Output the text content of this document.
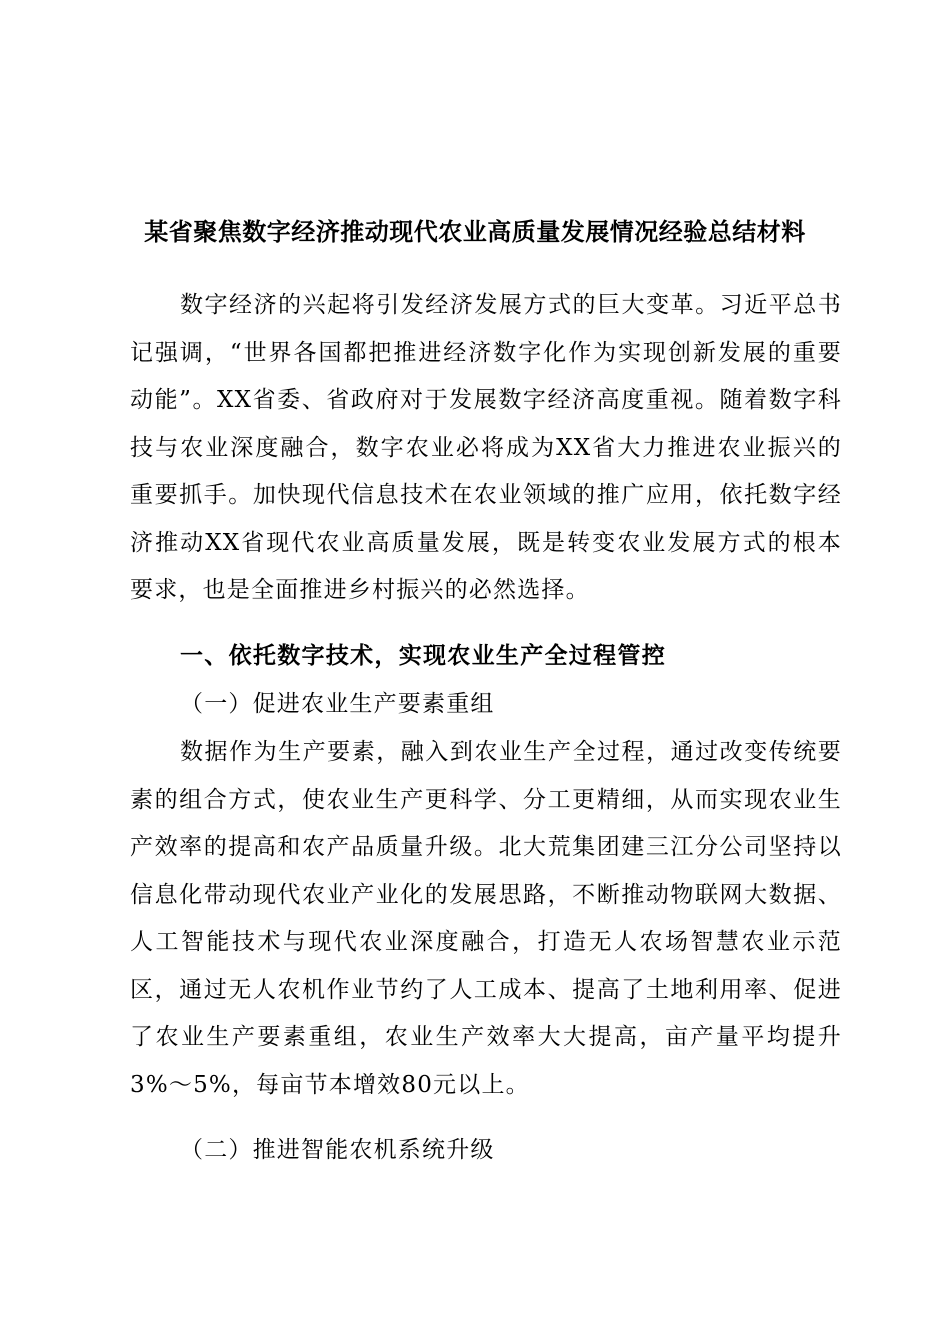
某省聚焦数字经济推动现代农业高质量发展情况经验总结材料

数字经济的兴起将引发经济发展方式的巨大变革。习近平总书记强调，“世界各国都把推进经济数字化作为实现创新发展的重要动能”。XX省委、省政府对于发展数字经济高度重视。随着数字科技与农业深度融合，数字农业必将成为XX省大力推进农业振兴的重要抓手。加快现代信息技术在农业领域的推广应用，依托数字经济推动XX省现代农业高质量发展，既是转变农业发展方式的根本要求，也是全面推进乡村振兴的必然选择。

一、依托数字技术，实现农业生产全过程管控
（一）促进农业生产要素重组

数据作为生产要素，融入到农业生产全过程，通过改变传统要素的组合方式，使农业生产更科学、分工更精细，从而实现农业生产效率的提高和农产品质量升级。北大荒集团建三江分公司坚持以信息化带动现代农业产业化的发展思路，不断推动物联网大数据、人工智能技术与现代农业深度融合，打造无人农场智慧农业示范区，通过无人农机作业节约了人工成本、提高了土地利用率、促进了农业生产要素重组，农业生产效率大大提高，亩产量平均提升3%～5%，每亩节本增效80元以上。

（二）推进智能农机系统升级
